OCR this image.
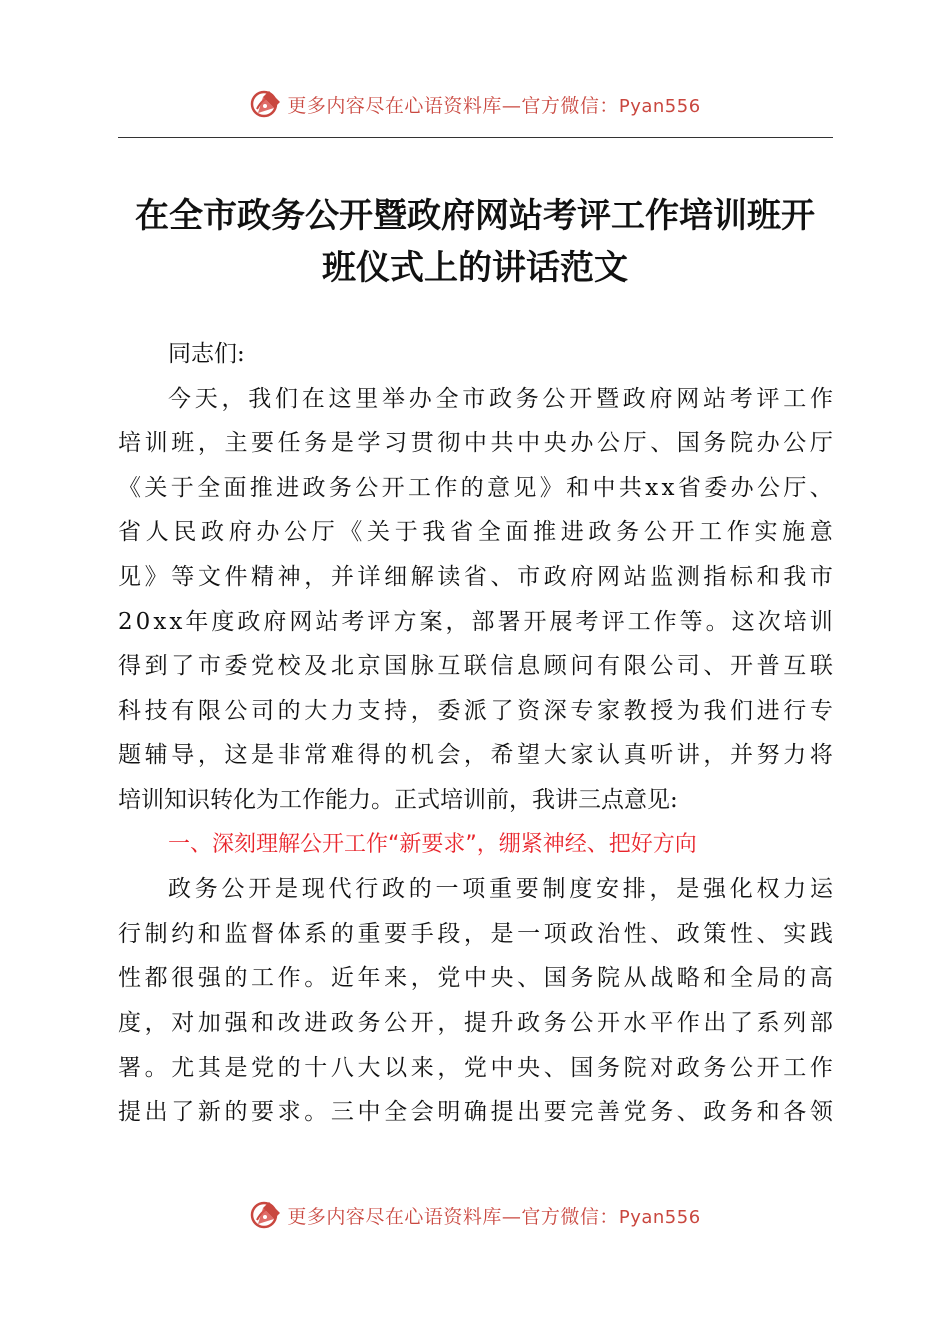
更多内容尽在心语资料库—官方微信：Pyan556
在全市政务公开暨政府网站考评工作培训班开
班仪式上的讲话范文
同志们:
今 天 ， 我 们 在 这 里 举 办 全 市 政 务 公 开 暨 政 府 网 站 考 评 工 作
培 训 班 ， 主 要 任 务 是 学 习 贯 彻 中 共 中 央 办 公 厅 、 国 务 院 办 公 厅
《 关 于 全 面 推 进 政 务 公 开 工 作 的 意 见 》 和 中 共 x x 省 委 办 公 厅 、
省 人 民 政 府 办 公 厅 《 关 于 我 省 全 面 推 进 政 务 公 开 工 作 实 施 意
见 》 等 文 件 精 神 ， 并 详 细 解 读 省 、 市 政 府 网 站 监 测 指 标 和 我 市
2 0 x x 年 度 政 府 网 站 考 评 方 案 ， 部 署 开 展 考 评 工 作 等 。 这 次 培 训
得 到 了 市 委 党 校 及 北 京 国 脉 互 联 信 息 顾 问 有 限 公 司 、 开 普 互 联
科 技 有 限 公 司 的 大 力 支 持 ， 委 派 了 资 深 专 家 教 授 为 我 们 进 行 专
题 辅 导 ， 这 是 非 常 难 得 的 机 会 ， 希 望 大 家 认 真 听 讲 ， 并 努 力 将
培训知识转化为工作能力。正式培训前，我讲三点意见:
一、深刻理解公开工作“新要求”，绷紧神经、把好方向
政 务 公 开 是 现 代 行 政 的 一 项 重 要 制 度 安 排 ， 是 强 化 权 力 运
行 制 约 和 监 督 体 系 的 重 要 手 段 ， 是 一 项 政 治 性 、 政 策 性 、 实 践
性 都 很 强 的 工 作 。 近 年 来 ， 党 中 央 、 国 务 院 从 战 略 和 全 局 的 高
度 ， 对 加 强 和 改 进 政 务 公 开 ， 提 升 政 务 公 开 水 平 作 出 了 系 列 部
署 。 尤 其 是 党 的 十 八 大 以 来 ， 党 中 央 、 国 务 院 对 政 务 公 开 工 作
提 出 了 新 的 要 求 。 三 中 全 会 明 确 提 出 要 完 善 党 务 、 政 务 和 各 领
更多内容尽在心语资料库—官方微信：Pyan556
